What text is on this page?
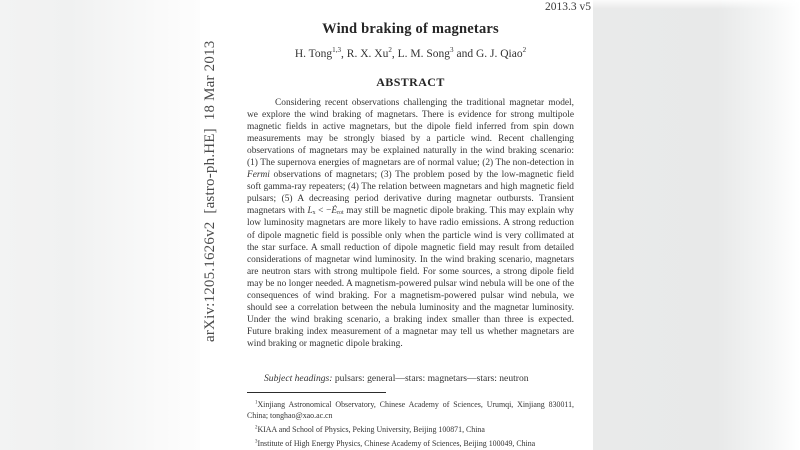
arXiv:1205.1626v2  [astro-ph.HE]  18 Mar 2013
2013.3 v5
Wind braking of magnetars
H. Tong$^{1,3}$, R. X. Xu$^2$, L. M. Song$^3$ and G. J. Qiao$^2$
ABSTRACT

Considering recent observations challenging the traditional magnetar model, we explore the wind braking of magnetars. There is evidence for strong multipole magnetic fields in active magnetars, but the dipole field inferred from spin down measurements may be strongly biased by a particle wind. Recent challenging observations of magnetars may be explained naturally in the wind braking scenario: (1) The supernova energies of magnetars are of normal value; (2) The non-detection in Fermi observations of magnetars; (3) The problem posed by the low-magnetic field soft gamma-ray repeaters; (4) The relation between magnetars and high magnetic field pulsars; (5) A decreasing period derivative during magnetar outbursts. Transient magnetars with $L_x$ < $-Ė_{rot}$ may still be magnetic dipole braking. This may explain why low luminosity magnetars are more likely to have radio emissions. A strong reduction of dipole magnetic field is possible only when the particle wind is very collimated at the star surface. A small reduction of dipole magnetic field may result from detailed considerations of magnetar wind luminosity. In the wind braking scenario, magnetars are neutron stars with strong multipole field. For some sources, a strong dipole field may be no longer needed. A magnetism-powered pulsar wind nebula will be one of the consequences of wind braking. For a magnetism-powered pulsar wind nebula, we should see a correlation between the nebula luminosity and the magnetar luminosity. Under the wind braking scenario, a braking index smaller than three is expected. Future braking index measurement of a magnetar may tell us whether magnetars are wind braking or magnetic dipole braking.

Subject headings: pulsars: general—stars: magnetars—stars: neutron

$^1$Xinjiang Astronomical Observatory, Chinese Academy of Sciences, Urumqi, Xinjiang 830011, China; tonghao@xao.ac.cn

$^2$KIAA and School of Physics, Peking University, Beijing 100871, China

$^3$Institute of High Energy Physics, Chinese Academy of Sciences, Beijing 100049, China
